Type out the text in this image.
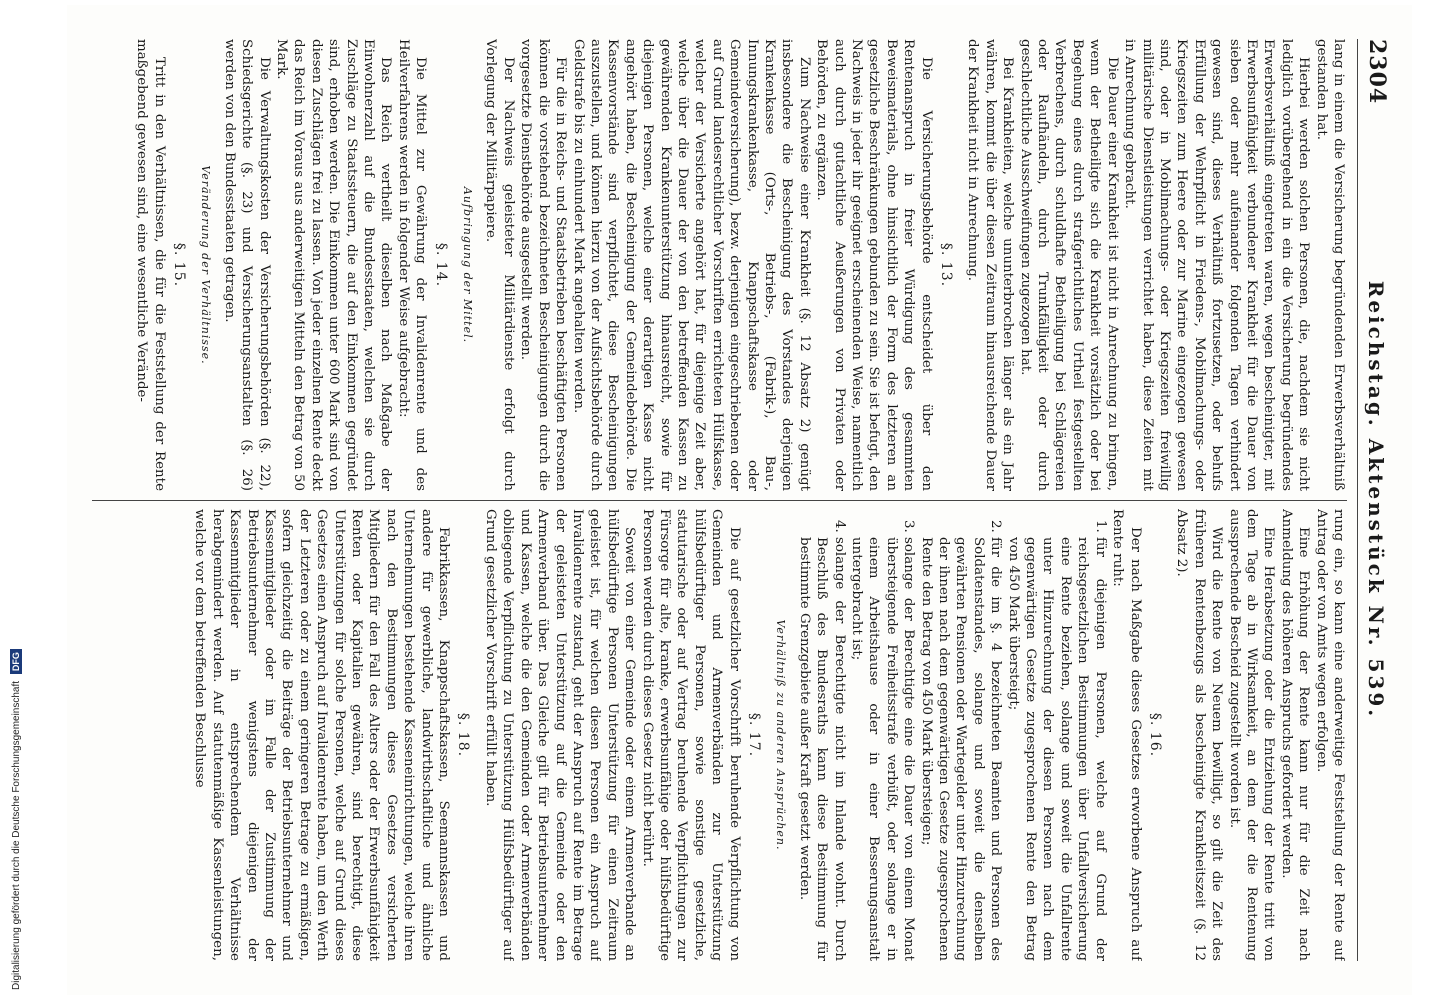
2304
Reichstag. Aktenstück Nr. 539.

lang in einem die Versicherung begründenden Erwerbsverhältniß gestanden hat.

Hierbei werden solchen Personen, die, nachdem sie nicht lediglich vorübergehend in ein die Versicherung begründendes Erwerbsverhältniß eingetreten waren, wegen bescheinigter, mit Erwerbsunfähigkeit verbundener Krankheit für die Dauer von sieben oder mehr aufeinander folgenden Tagen verhindert gewesen sind, dieses Verhältniß fortzusetzen, oder behufs Erfüllung der Wehrpflicht in Friedens-, Mobilmachungs- oder Kriegszeiten zum Heere oder zur Marine eingezogen gewesen sind, oder in Mobilmachungs- oder Kriegszeiten freiwillig militärische Dienstleistungen verrichtet haben, diese Zeiten mit in Anrechnung gebracht.

Die Dauer einer Krankheit ist nicht in Anrechnung zu bringen, wenn der Betheiligte sich die Krankheit vorsätzlich oder bei Begehung eines durch strafgerichtliches Urtheil festgestellten Verbrechens, durch schuldhafte Betheiligung bei Schlägereien oder Raufhändeln, durch Trunkfälligkeit oder durch geschlechtliche Ausschweifungen zugezogen hat.

Bei Krankheiten, welche ununterbrochen länger als ein Jahr währen, kommt die über diesen Zeitraum hinausreichende Dauer der Krankheit nicht in Anrechnung.

§. 13.

Die Versicherungsbehörde entscheidet über den Rentenanspruch in freier Würdigung des gesammten Beweismaterials, ohne hinsichtlich der Form des letzteren an gesetzliche Beschränkungen gebunden zu sein. Sie ist befugt, den Nachweis in jeder ihr geeignet erscheinenden Weise, namentlich auch durch gutachtliche Aeußerungen von Privaten oder Behörden, zu ergänzen.

Zum Nachweise einer Krankheit (§. 12 Absatz 2) genügt insbesondere die Bescheinigung des Vorstandes derjenigen Krankenkasse (Orts-, Betriebs-, (Fabrik-), Bau-, Innungskrankenkasse, Knappschaftskasse oder Gemeindeversicherung), bezw. derjenigen eingeschriebenen oder auf Grund landesrechtlicher Vorschriften errichteten Hülfskasse, welcher der Versicherte angehört hat, für diejenige Zeit aber, welche über die Dauer der von den betreffenden Kassen zu gewährenden Krankenunterstützung hinausreicht, sowie für diejenigen Personen, welche einer derartigen Kasse nicht angehört haben, die Bescheinigung der Gemeindebehörde. Die Kassenvorstände sind verpflichtet, diese Bescheinigungen auszustellen, und können hierzu von der Aufsichtsbehörde durch Geldstrafe bis zu einhundert Mark angehalten werden.

Für die in Reichs- und Staatsbetrieben beschäftigten Personen können die vorstehend bezeichneten Bescheinigungen durch die vorgesetzte Dienstbehörde ausgestellt werden.

Der Nachweis geleisteter Militärdienste erfolgt durch Vorlegung der Militärpapiere.

Aufbringung der Mittel.
§. 14.

Die Mittel zur Gewährung der Invalidenrente und des Heilverfahrens werden in folgender Weise aufgebracht:

Das Reich vertheilt dieselben nach Maßgabe der Einwohnerzahl auf die Bundesstaaten, welchen sie durch Zuschläge zu Staatssteuern, die auf den Einkommen gegründet sind, erhoben werden. Die Einkommen unter 600 Mark sind von diesen Zuschlägen frei zu lassen. Von jeder einzelnen Rente deckt das Reich im Voraus aus anderweitigen Mitteln den Betrag von 50 Mark.

Die Verwaltungskosten der Versicherungsbehörden (§. 22), Schiedsgerichte (§. 23) und Versicherungsanstalten (§. 26) werden von den Bundesstaaten getragen.

Veränderung der Verhältnisse.
§. 15.

Tritt in den Verhältnissen, die für die Feststellung der Rente maßgebend gewesen sind, eine wesentliche Verände-

rung ein, so kann eine anderweitige Feststellung der Rente auf Antrag oder von Amts wegen erfolgen.

Eine Erhöhung der Rente kann nur für die Zeit nach Anmeldung des höheren Anspruchs gefordert werden.

Eine Herabsetzung oder die Entziehung der Rente tritt von dem Tage ab in Wirksamkeit, an dem der die Rentenung aussprechende Bescheid zugestellt worden ist.

Wird die Rente von Neuem bewilligt, so gilt die Zeit des früheren Rentenbezugs als bescheinigte Krankheitszeit (§. 12 Absatz 2).

§. 16.

Der nach Maßgabe dieses Gesetzes erworbene Anspruch auf Rente ruht:

1. für diejenigen Personen, welche auf Grund der reichsgesetzlichen Bestimmungen über Unfallversicherung eine Rente beziehen, solange und soweit die Unfallrente unter Hinzurechnung der diesen Personen nach dem gegenwärtigen Gesetze zugesprochenen Rente den Betrag von 450 Mark übersteigt;
2. für die im §. 4 bezeichneten Beamten und Personen des Soldatenstandes, solange und soweit die denselben gewährten Pensionen oder Wartegelder unter Hinzurechnung der ihnen nach dem gegenwärtigen Gesetze zugesprochenen Rente den Betrag von 450 Mark übersteigen;
3. solange der Berechtigte eine die Dauer von einem Monat übersteigende Freiheitsstrafe verbüßt, oder solange er in einem Arbeitshause oder in einer Besserungsanstalt untergebracht ist;
4. solange der Berechtigte nicht im Inlande wohnt. Durch Beschluß des Bundesraths kann diese Bestimmung für bestimmte Grenzgebiete außer Kraft gesetzt werden.
Verhältniß zu anderen Ansprüchen.
§. 17.

Die auf gesetzlicher Vorschrift beruhende Verpflichtung von Gemeinden und Armenverbänden zur Unterstützung hülfsbedürftiger Personen, sowie sonstige gesetzliche, statutarische oder auf Vertrag beruhende Verpflichtungen zur Fürsorge für alte, kranke, erwerbsunfähige oder hülfsbedürftige Personen werden durch dieses Gesetz nicht berührt.

Soweit von einer Gemeinde oder einem Armenverbande an hülfsbedürftige Personen Unterstützung für einen Zeitraum geleistet ist, für welchen diesen Personen ein Anspruch auf Invalidenrente zustand, geht der Anspruch auf Rente im Betrage der geleisteten Unterstützung auf die Gemeinde oder den Armenverband über. Das Gleiche gilt für Betriebsunternehmer und Kassen, welche die den Gemeinden oder Armenverbänden obliegende Verpflichtung zu Unterstützung Hülfsbedürftiger auf Grund gesetzlicher Vorschrift erfüllt haben.

§. 18.

Fabrikkassen, Knappschaftskassen, Seemannskassen und andere für gewerbliche, landwirthschaftliche und ähnliche Unternehmungen bestehende Kasseneinrichtungen, welche ihren nach den Bestimmungen dieses Gesetzes versicherten Mitgliedern für den Fall des Alters oder der Erwerbsunfähigkeit Renten oder Kapitalien gewähren, sind berechtigt, diese Unterstützungen für solche Personen, welche auf Grund dieses Gesetzes einen Anspruch auf Invalidenrente haben, um den Werth der Letzteren oder zu einem geringeren Betrage zu ermäßigen, sofern gleichzeitig die Beiträge der Betriebsunternehmer und Kassenmitglieder oder im Falle der Zustimmung der Betriebsunternehmer wenigstens diejenigen der Kassenmitglieder in entsprechendem Verhältnisse herabgemindert werden. Auf statutenmäßige Kassenleistungen, welche vor dem betreffenden Beschlusse

Digitalisierung gefördert durch die Deutsche Forschungsgemeinschaft DFG
